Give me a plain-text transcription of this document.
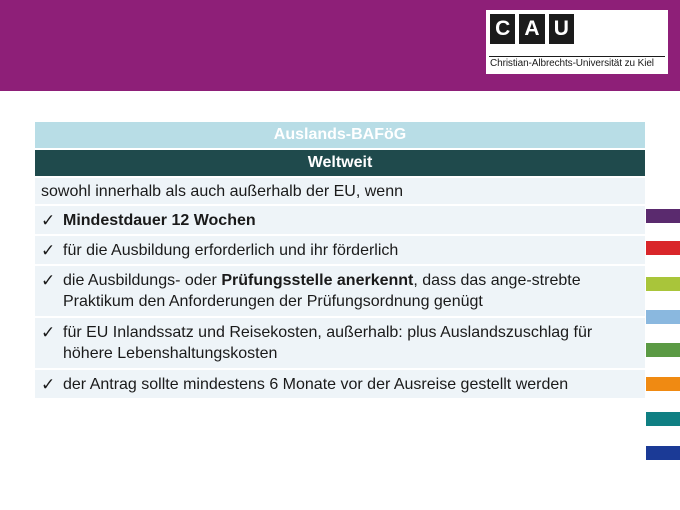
C A U
Christian-Albrechts-Universität zu Kiel
Auslands-BAFöG
Weltweit
sowohl innerhalb als auch außerhalb der EU, wenn
✓ Mindestdauer 12 Wochen
✓ für die Ausbildung erforderlich und ihr förderlich
✓ die Ausbildungs- oder Prüfungsstelle anerkennt, dass das ange-strebte Praktikum den Anforderungen der Prüfungsordnung genügt
✓ für EU Inlandssatz und Reisekosten, außerhalb: plus Auslandszuschlag für höhere Lebenshaltungskosten
✓ der Antrag sollte mindestens 6 Monate vor der Ausreise gestellt werden
